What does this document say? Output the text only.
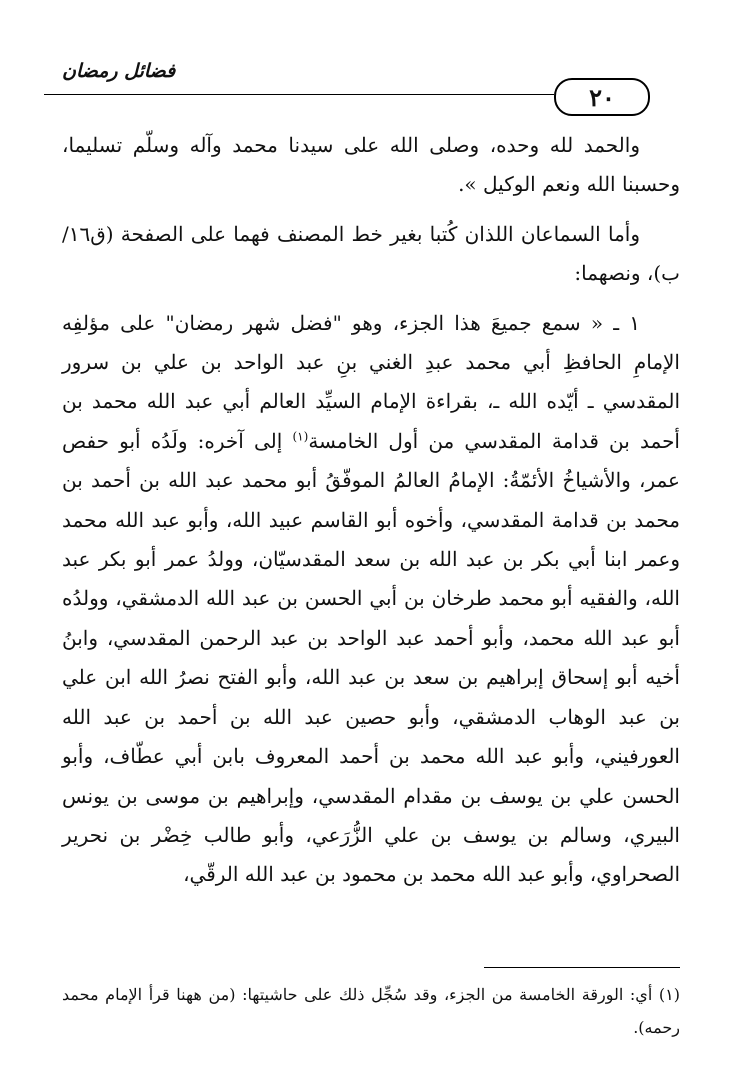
فضائل رمضان
٢٠

والحمد لله وحده، وصلى الله على سيدنا محمد وآله وسلّم تسليما، وحسبنا الله ونعم الوكيل ».

وأما السماعان اللذان كُتبا بغير خط المصنف فهما على الصفحة (ق١٦/ب)، ونصهما:

١ ـ « سمع جميعَ هذا الجزء، وهو "فضل شهر رمضان" على مؤلفِه الإمامِ الحافظِ أبي محمد عبدِ الغني بنِ عبد الواحد بن علي بن سرور المقدسي ـ أيّده الله ـ، بقراءة الإمام السيِّد العالم أبي عبد الله محمد بن أحمد بن قدامة المقدسي من أول الخامسة$^{(١)}$ إلى آخره: ولَدُه أبو حفص عمر، والأشياخُ الأئمّةُ: الإمامُ العالمُ الموفّقُ أبو محمد عبد الله بن أحمد بن محمد بن قدامة المقدسي، وأخوه أبو القاسم عبيد الله، وأبو عبد الله محمد وعمر ابنا أبي بكر بن عبد الله بن سعد المقدسيّان، وولدُ عمر أبو بكر عبد الله، والفقيه أبو محمد طرخان بن أبي الحسن بن عبد الله الدمشقي، وولدُه أبو عبد الله محمد، وأبو أحمد عبد الواحد بن عبد الرحمن المقدسي، وابنُ أخيه أبو إسحاق إبراهيم بن سعد بن عبد الله، وأبو الفتح نصرُ الله ابن علي بن عبد الوهاب الدمشقي، وأبو حصين عبد الله بن أحمد بن عبد الله العورفيني، وأبو عبد الله محمد بن أحمد المعروف بابن أبي عطّاف، وأبو الحسن علي بن يوسف بن مقدام المقدسي، وإبراهيم بن موسى بن يونس البيري، وسالم بن يوسف بن علي الزُّرَعي، وأبو طالب خِضْر بن نحرير الصحراوي، وأبو عبد الله محمد بن محمود بن عبد الله الرقّي،

(١) أي: الورقة الخامسة من الجزء، وقد سُجِّل ذلك على حاشيتها: (من ههنا قرأ الإمام محمد رحمه).
